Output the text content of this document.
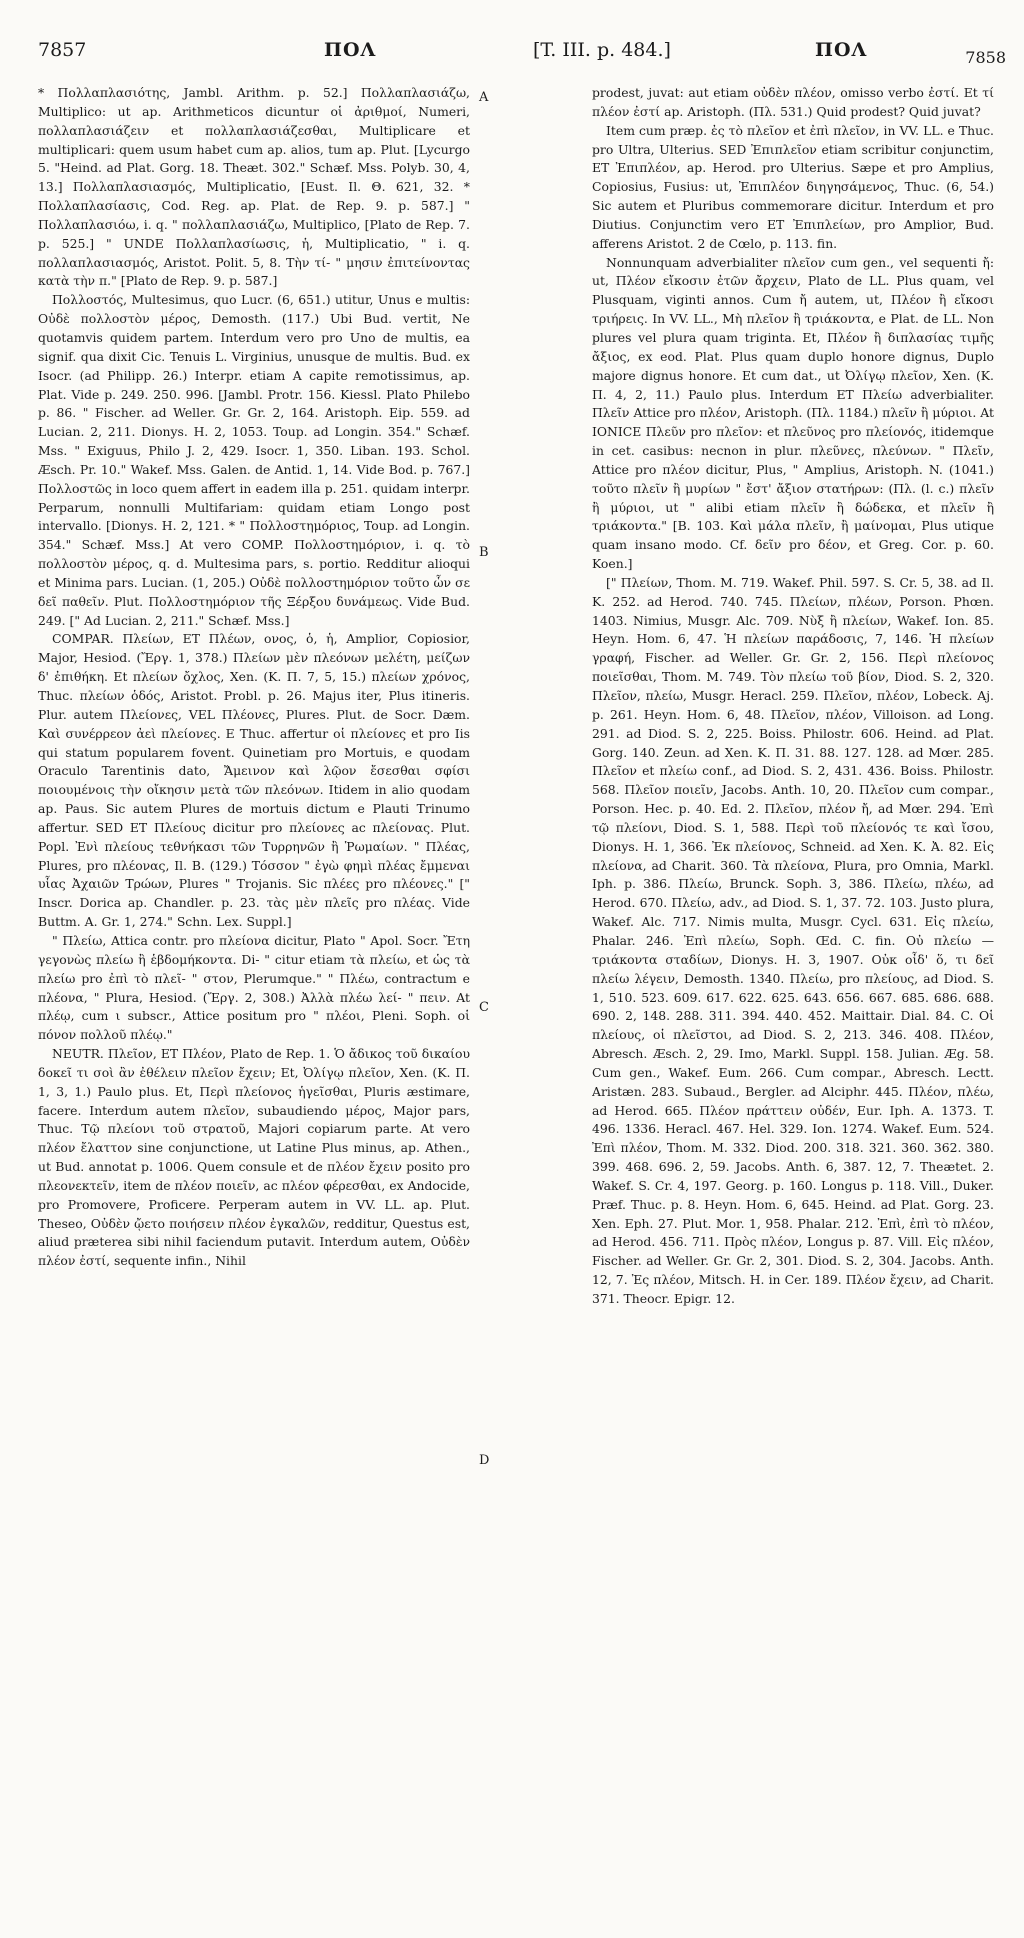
7857	ΠΟΛ	[T. III. p. 484.]	ΠΟΛ	7858

* Πολλαπλασιότης, Jambl. Arithm. p. 52.] Πολλαπλασιάζω, Multiplico: ut ap. Arithmeticos dicuntur οἱ ἀριθμοί, Numeri, πολλαπλασιάζειν et πολλαπλασιάζεσθαι, Multiplicare et multiplicari: quem usum habet cum ap. alios, tum ap. Plut. [Lycurgo 5. "Heind. ad Plat. Gorg. 18. Theæt. 302." Schæf. Mss. Polyb. 30, 4, 13.] Πολλαπλασιασμός, Multiplicatio, [Eust. Il. Θ. 621, 32. * Πολλαπλασίασις, Cod. Reg. ap. Plat. de Rep. 9. p. 587.] " Πολλαπλασιόω, i. q. " πολλαπλασιάζω, Multiplico, [Plato de Rep. 7. p. 525.] " UNDE Πολλαπλασίωσις, ἡ, Multiplicatio, " i. q. πολλαπλασιασμός, Aristot. Polit. 5, 8. Τὴν τί- " μησιν ἐπιτείνοντας κατὰ τὴν π." [Plato de Rep. 9. p. 587.]

Πολλοστός, Multesimus, quo Lucr. (6, 651.) utitur, Unus e multis: Οὐδὲ πολλοστὸν μέρος, Demosth. (117.) Ubi Bud. vertit, Ne quotamvis quidem partem. Interdum vero pro Uno de multis, ea signif. qua dixit Cic. Tenuis L. Virginius, unusque de multis. Bud. ex Isocr. (ad Philipp. 26.) Interpr. etiam A capite remotissimus, ap. Plat. Vide p. 249. 250. 996. [Jambl. Protr. 156. Kiessl. Plato Philebo p. 86. " Fischer. ad Weller. Gr. Gr. 2, 164. Aristoph. Eip. 559. ad Lucian. 2, 211. Dionys. H. 2, 1053. Toup. ad Longin. 354." Schæf. Mss. " Exiguus, Philo J. 2, 429. Isocr. 1, 350. Liban. 193. Schol. Æsch. Pr. 10." Wakef. Mss. Galen. de Antid. 1, 14. Vide Bod. p. 767.] Πολλοστῶς in loco quem affert in eadem illa p. 251. quidam interpr. Perparum, nonnulli Multifariam: quidam etiam Longo post intervallo. [Dionys. H. 2, 121. * " Πολλοστημόριος, Toup. ad Longin. 354." Schæf. Mss.] At vero COMP. Πολλοστημόριον, i. q. τὸ πολλοστὸν μέρος, q. d. Multesima pars, s. portio. Redditur alioqui et Minima pars. Lucian. (1, 205.) Οὐδὲ πολλοστημόριον τοῦτο ὧν σε δεῖ παθεῖν. Plut. Πολλοστημόριον τῆς Ξέρξου δυνάμεως. Vide Bud. 249. [" Ad Lucian. 2, 211." Schæf. Mss.]

COMPAR. Πλείων, ET Πλέων, ονος, ὁ, ἡ, Amplior, Copiosior, Major, Hesiod. (Ἔργ. 1, 378.) Πλείων μὲν πλεόνων μελέτη, μείζων δ' ἐπιθήκη. Et πλείων ὄχλος, Xen. (K. Π. 7, 5, 15.) πλείων χρόνος, Thuc. πλείων ὁδός, Aristot. Probl. p. 26. Majus iter, Plus itineris. Plur. autem Πλείονες, VEL Πλέονες, Plures. Plut. de Socr. Dæm. Καὶ συνέρρεον ἀεὶ πλείονες. E Thuc. affertur οἱ πλείονες et pro Iis qui statum popularem fovent. Quinetiam pro Mortuis, e quodam Oraculo Tarentinis dato, Ἄμεινον καὶ λῷον ἔσεσθαι σφίσι ποιουμένοις τὴν οἴκησιν μετὰ τῶν πλεόνων. Itidem in alio quodam ap. Paus. Sic autem Plures de mortuis dictum e Plauti Trinumo affertur. SED ET Πλείους dicitur pro πλείονες ac πλείονας. Plut. Popl. Ἐνὶ πλείους τεθνήκασι τῶν Τυρρηνῶν ἢ Ῥωμαίων. " Πλέας, Plures, pro πλέονας, Il. B. (129.) Τόσσον " ἐγὼ φημὶ πλέας ἔμμεναι υἷας Ἀχαιῶν Τρώων, Plures " Trojanis. Sic πλέες pro πλέονες." [" Inscr. Dorica ap. Chandler. p. 23. τὰς μὲν πλεῖς pro πλέας. Vide Buttm. A. Gr. 1, 274." Schn. Lex. Suppl.]

" Πλείω, Attica contr. pro πλείονα dicitur, Plato " Apol. Socr. Ἔτη γεγονὼς πλείω ἢ ἑβδομήκοντα. Di- " citur etiam τὰ πλείω, et ὡς τὰ πλείω pro ἐπὶ τὸ πλεῖ- " στον, Plerumque." " Πλέω, contractum e πλέονα, " Plura, Hesiod. (Ἔργ. 2, 308.) Ἀλλὰ πλέω λεί- " πειν. At πλέῳ, cum ι subscr., Attice positum pro " πλέοι, Pleni. Soph. οἱ πόνον πολλοῦ πλέῳ."

NEUTR. Πλεῖον, ET Πλέον, Plato de Rep. 1. Ὁ ἄδικος τοῦ δικαίου δοκεῖ τι σοὶ ἂν ἐθέλειν πλεῖον ἔχειν; Et, Ὀλίγῳ πλεῖον, Xen. (K. Π. 1, 3, 1.) Paulo plus. Et, Περὶ πλείονος ἡγεῖσθαι, Pluris æstimare, facere. Interdum autem πλεῖον, subaudiendo μέρος, Major pars, Thuc. Τῷ πλείονι τοῦ στρατοῦ, Majori copiarum parte. At vero πλέον ἔλαττον sine conjunctione, ut Latine Plus minus, ap. Athen., ut Bud. annotat p. 1006. Quem consule et de πλέον ἔχειν posito pro πλεονεκτεῖν, item de πλέον ποιεῖν, ac πλέον φέρεσθαι, ex Andocide, pro Promovere, Proficere. Perperam autem in VV. LL. ap. Plut. Theseo, Οὐδὲν ᾤετο ποιήσειν πλέον ἐγκαλῶν, redditur, Questus est, aliud præterea sibi nihil faciendum putavit. Interdum autem, Οὐδὲν πλέον ἐστί, sequente infin., Nihil

A
B
C
D

prodest, juvat: aut etiam οὐδὲν πλέον, omisso verbo ἐστί. Et τί πλέον ἐστί ap. Aristoph. (Πλ. 531.) Quid prodest? Quid juvat?

Item cum præp. ἐς τὸ πλεῖον et ἐπὶ πλεῖον, in VV. LL. e Thuc. pro Ultra, Ulterius. SED Ἐπιπλεῖον etiam scribitur conjunctim, ET Ἐπιπλέον, ap. Herod. pro Ulterius. Sæpe et pro Amplius, Copiosius, Fusius: ut, Ἐπιπλέον διηγησάμενος, Thuc. (6, 54.) Sic autem et Pluribus commemorare dicitur. Interdum et pro Diutius. Conjunctim vero ET Ἐπιπλείων, pro Amplior, Bud. afferens Aristot. 2 de Cœlo, p. 113. fin.

Nonnunquam adverbialiter πλεῖον cum gen., vel sequenti ἤ: ut, Πλέον εἴκοσιν ἐτῶν ἄρχειν, Plato de LL. Plus quam, vel Plusquam, viginti annos. Cum ἤ autem, ut, Πλέον ἢ εἴκοσι τριήρεις. In VV. LL., Μὴ πλεῖον ἢ τριάκοντα, e Plat. de LL. Non plures vel plura quam triginta. Et, Πλέον ἢ διπλασίας τιμῆς ἄξιος, ex eod. Plat. Plus quam duplo honore dignus, Duplo majore dignus honore. Et cum dat., ut Ὀλίγῳ πλεῖον, Xen. (K. Π. 4, 2, 11.) Paulo plus. Interdum ET Πλείω adverbialiter. Πλεῖν Attice pro πλέον, Aristoph. (Πλ. 1184.) πλεῖν ἢ μύριοι. At IONICE Πλεῦν pro πλεῖον: et πλεῦνος pro πλείονός, itidemque in cet. casibus: necnon in plur. πλεῦνες, πλεύνων. " Πλεῖν, Attice pro πλέον dicitur, Plus, " Amplius, Aristoph. N. (1041.) τοῦτο πλεῖν ἢ μυρίων " ἔστ' ἄξιον στατήρων: (Πλ. (l. c.) πλεῖν ἢ μύριοι, ut " alibi etiam πλεῖν ἢ δώδεκα, et πλεῖν ἢ τριάκοντα." [B. 103. Καὶ μάλα πλεῖν, ἢ μαίνομαι, Plus utique quam insano modo. Cf. δεῖν pro δέον, et Greg. Cor. p. 60. Koen.]

[" Πλείων, Thom. M. 719. Wakef. Phil. 597. S. Cr. 5, 38. ad Il. K. 252. ad Herod. 740. 745. Πλείων, πλέων, Porson. Phœn. 1403. Nimius, Musgr. Alc. 709. Νὺξ ἢ πλείων, Wakef. Ion. 85. Heyn. Hom. 6, 47. Ἡ πλείων παράδοσις, 7, 146. Ἡ πλείων γραφή, Fischer. ad Weller. Gr. Gr. 2, 156. Περὶ πλείονος ποιεῖσθαι, Thom. M. 749. Τὸν πλείω τοῦ βίον, Diod. S. 2, 320. Πλεῖον, πλείω, Musgr. Heracl. 259. Πλεῖον, πλέον, Lobeck. Aj. p. 261. Heyn. Hom. 6, 48. Πλεῖον, πλέον, Villoison. ad Long. 291. ad Diod. S. 2, 225. Boiss. Philostr. 606. Heind. ad Plat. Gorg. 140. Zeun. ad Xen. K. Π. 31. 88. 127. 128. ad Mœr. 285. Πλεῖον et πλείω conf., ad Diod. S. 2, 431. 436. Boiss. Philostr. 568. Πλεῖον ποιεῖν, Jacobs. Anth. 10, 20. Πλεῖον cum compar., Porson. Hec. p. 40. Ed. 2. Πλεῖον, πλέον ἤ, ad Mœr. 294. Ἐπὶ τῷ πλείονι, Diod. S. 1, 588. Περὶ τοῦ πλείονός τε καὶ ἴσου, Dionys. H. 1, 366. Ἐκ πλείονος, Schneid. ad Xen. K. Ἀ. 82. Εἰς πλείονα, ad Charit. 360. Τὰ πλείονα, Plura, pro Omnia, Markl. Iph. p. 386. Πλείω, Brunck. Soph. 3, 386. Πλείω, πλέω, ad Herod. 670. Πλείω, adv., ad Diod. S. 1, 37. 72. 103. Justo plura, Wakef. Alc. 717. Nimis multa, Musgr. Cycl. 631. Εἰς πλείω, Phalar. 246. Ἐπὶ πλείω, Soph. Œd. C. fin. Οὐ πλείω — τριάκοντα σταδίων, Dionys. H. 3, 1907. Οὐκ οἶδ' ὅ, τι δεῖ πλείω λέγειν, Demosth. 1340. Πλείω, pro πλείους, ad Diod. S. 1, 510. 523. 609. 617. 622. 625. 643. 656. 667. 685. 686. 688. 690. 2, 148. 288. 311. 394. 440. 452. Maittair. Dial. 84. C. Οἱ πλείους, οἱ πλεῖστοι, ad Diod. S. 2, 213. 346. 408. Πλέον, Abresch. Æsch. 2, 29. Imo, Markl. Suppl. 158. Julian. Æg. 58. Cum gen., Wakef. Eum. 266. Cum compar., Abresch. Lectt. Aristæn. 283. Subaud., Bergler. ad Alciphr. 445. Πλέον, πλέω, ad Herod. 665. Πλέον πράττειν οὐδέν, Eur. Iph. A. 1373. T. 496. 1336. Heracl. 467. Hel. 329. Ion. 1274. Wakef. Eum. 524. Ἐπὶ πλέον, Thom. M. 332. Diod. 200. 318. 321. 360. 362. 380. 399. 468. 696. 2, 59. Jacobs. Anth. 6, 387. 12, 7. Theætet. 2. Wakef. S. Cr. 4, 197. Georg. p. 160. Longus p. 118. Vill., Duker. Præf. Thuc. p. 8. Heyn. Hom. 6, 645. Heind. ad Plat. Gorg. 23. Xen. Eph. 27. Plut. Mor. 1, 958. Phalar. 212. Ἐπὶ, ἐπὶ τὸ πλέον, ad Herod. 456. 711. Πρὸς πλέον, Longus p. 87. Vill. Εἰς πλέον, Fischer. ad Weller. Gr. Gr. 2, 301. Diod. S. 2, 304. Jacobs. Anth. 12, 7. Ἐς πλέον, Mitsch. H. in Cer. 189. Πλέον ἔχειν, ad Charit. 371. Theocr. Epigr. 12.
